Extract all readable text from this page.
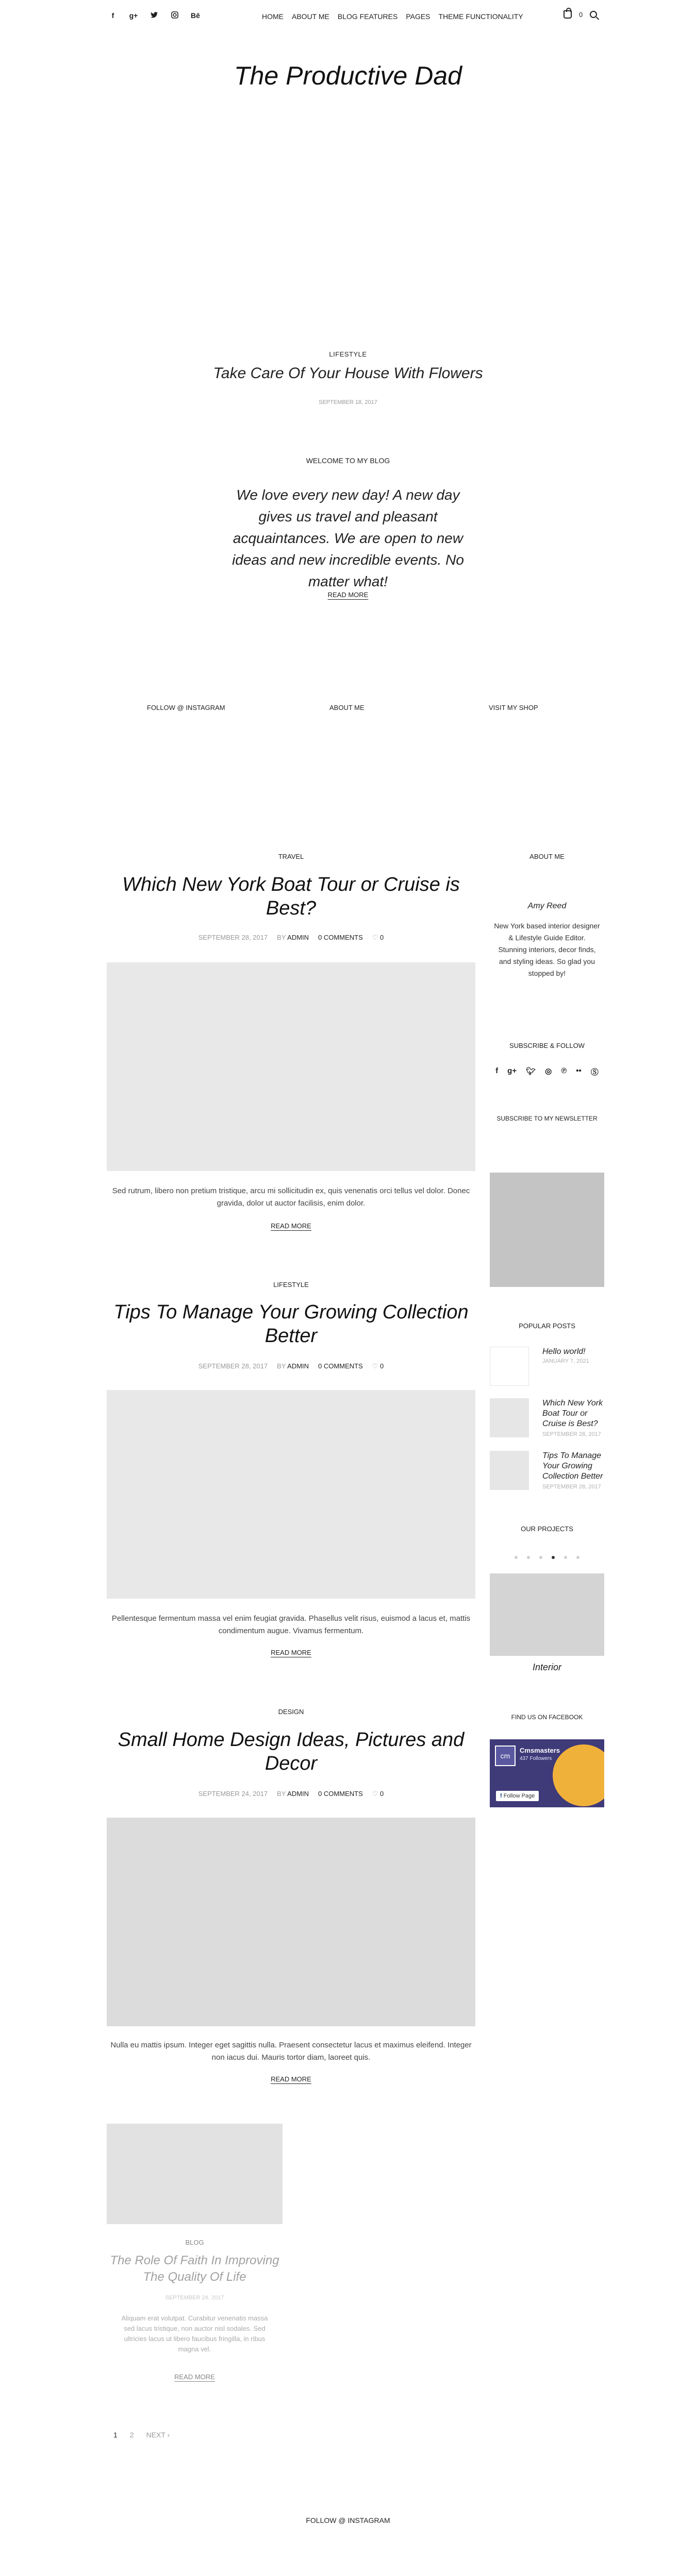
f	g+	Bē	HOME ABOUT ME BLOG FEATURES PAGES THEME FUNCTIONALITY	0
The Productive Dad
LIFESTYLE
Take Care Of Your House With Flowers
SEPTEMBER 18, 2017
WELCOME TO MY BLOG
We love every new day! A new day gives us travel and pleasant acquaintances. We are open to new ideas and new incredible events. No matter what!
READ MORE
FOLLOW @ INSTAGRAM	ABOUT ME	VISIT MY SHOP
TRAVEL
Which New York Boat Tour or Cruise is Best?
SEPTEMBER 28, 2017 BY ADMIN 0 COMMENTS ♡ 0
Sed rutrum, libero non pretium tristique, arcu mi sollicitudin ex, quis venenatis orci tellus vel dolor. Donec gravida, dolor ut auctor facilisis, enim dolor.
READ MORE
LIFESTYLE
Tips To Manage Your Growing Collection Better
SEPTEMBER 28, 2017 BY ADMIN 0 COMMENTS ♡ 0
Pellentesque fermentum massa vel enim feugiat gravida. Phasellus velit risus, euismod a lacus et, mattis condimentum augue. Vivamus fermentum.
READ MORE
DESIGN
Small Home Design Ideas, Pictures and Decor
SEPTEMBER 24, 2017 BY ADMIN 0 COMMENTS ♡ 0
Nulla eu mattis ipsum. Integer eget sagittis nulla. Praesent consectetur lacus et maximus eleifend. Integer non iacus dui. Mauris tortor diam, laoreet quis.
READ MORE
BLOG
The Role Of Faith In Improving The Quality Of Life
SEPTEMBER 24, 2017
Aliquam erat volutpat. Curabitur venenatis massa sed lacus tristique, non auctor nisl sodales. Sed ultricies lacus ut libero faucibus fringilla, in ribus magna vel.
READ MORE
ABOUT ME
Amy Reed
New York based interior designer & Lifestyle Guide Editor. Stunning interiors, decor finds, and styling ideas. So glad you stopped by!
SUBSCRIBE & FOLLOW
f g+ 🐦︎ ◎ ℗ •• Ⓢ
SUBSCRIBE TO MY NEWSLETTER
POPULAR POSTS
Hello world!
JANUARY 7, 2021
Which New York Boat Tour or Cruise is Best?
SEPTEMBER 28, 2017
Tips To Manage Your Growing Collection Better
SEPTEMBER 28, 2017
OUR PROJECTS
Interior
FIND US ON FACEBOOK
cm
Cmsmasters
437 Followers
f Follow Page
1 2 NEXT ›
FOLLOW @ INSTAGRAM
